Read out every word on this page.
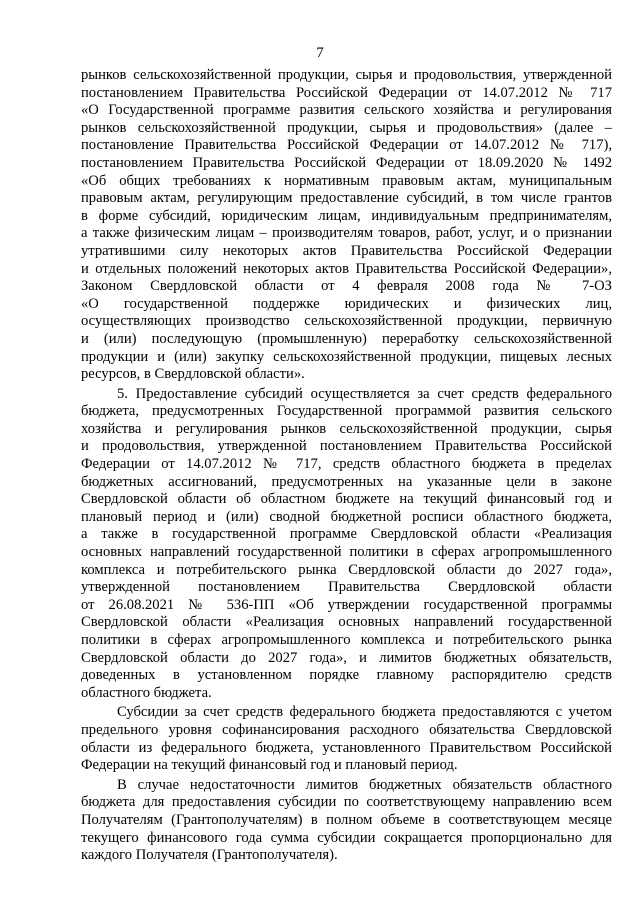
7

рынков сельскохозяйственной продукции, сырья и продовольствия, утвержденной
постановлением Правительства Российской Федерации от 14.07.2012 № 717
«О Государственной программе развития сельского хозяйства и регулирования
рынков сельскохозяйственной продукции, сырья и продовольствия» (далее –
постановление Правительства Российской Федерации от 14.07.2012 № 717),
постановлением Правительства Российской Федерации от 18.09.2020 № 1492
«Об общих требованиях к нормативным правовым актам, муниципальным
правовым актам, регулирующим предоставление субсидий, в том числе грантов
в форме субсидий, юридическим лицам, индивидуальным предпринимателям,
а также физическим лицам – производителям товаров, работ, услуг, и о признании
утратившими силу некоторых актов Правительства Российской Федерации
и отдельных положений некоторых актов Правительства Российской Федерации»,
Законом Свердловской области от 4 февраля 2008 года № 7-ОЗ
«О государственной поддержке юридических и физических лиц,
осуществляющих производство сельскохозяйственной продукции, первичную
и (или) последующую (промышленную) переработку сельскохозяйственной
продукции и (или) закупку сельскохозяйственной продукции, пищевых лесных
ресурсов, в Свердловской области».

5. Предоставление субсидий осуществляется за счет средств федерального
бюджета, предусмотренных Государственной программой развития сельского
хозяйства и регулирования рынков сельскохозяйственной продукции, сырья
и продовольствия, утвержденной постановлением Правительства Российской
Федерации от 14.07.2012 № 717, средств областного бюджета в пределах
бюджетных ассигнований, предусмотренных на указанные цели в законе
Свердловской области об областном бюджете на текущий финансовый год и
плановый период и (или) сводной бюджетной росписи областного бюджета,
а также в государственной программе Свердловской области «Реализация
основных направлений государственной политики в сферах агропромышленного
комплекса и потребительского рынка Свердловской области до 2027 года»,
утвержденной постановлением Правительства Свердловской области
от 26.08.2021 № 536-ПП «Об утверждении государственной программы
Свердловской области «Реализация основных направлений государственной
политики в сферах агропромышленного комплекса и потребительского рынка
Свердловской области до 2027 года», и лимитов бюджетных обязательств,
доведенных в установленном порядке главному распорядителю средств
областного бюджета.

Субсидии за счет средств федерального бюджета предоставляются с учетом
предельного уровня софинансирования расходного обязательства Свердловской
области из федерального бюджета, установленного Правительством Российской
Федерации на текущий финансовый год и плановый период.

В случае недостаточности лимитов бюджетных обязательств областного
бюджета для предоставления субсидии по соответствующему направлению всем
Получателям (Грантополучателям) в полном объеме в соответствующем месяце
текущего финансового года сумма субсидии сокращается пропорционально для
каждого Получателя (Грантополучателя).
